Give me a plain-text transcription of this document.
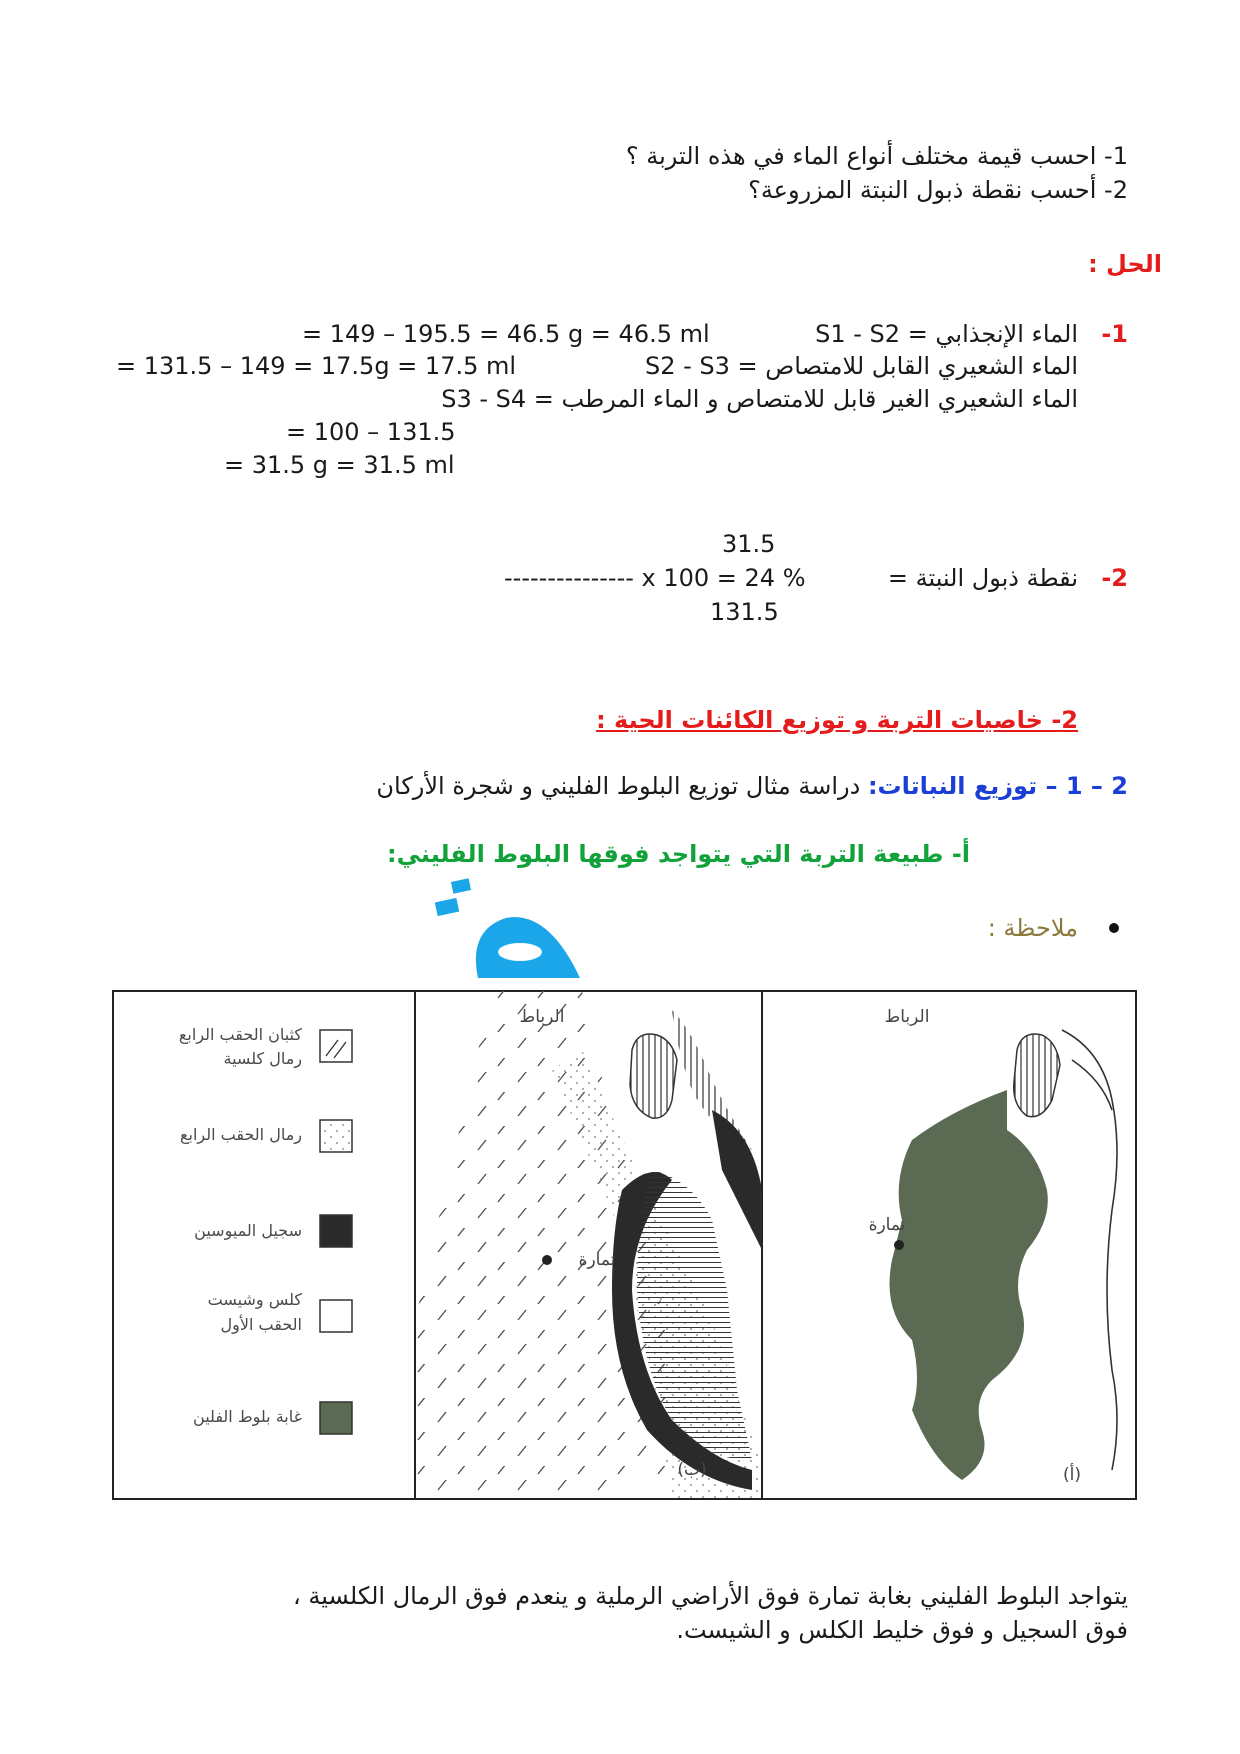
1- احسب قيمة مختلف أنواع الماء في هذه التربة ؟
2- أحسب نقطة ذبول النبتة المزروعة؟
الحل :
1-
الماء الإنجذابي = S1 - S2
= 149 – 195.5 = 46.5 g = 46.5 ml
الماء الشعيري القابل للامتصاص = S2 - S3
= 131.5 – 149 = 17.5g = 17.5 ml
الماء الشعيري الغير قابل للامتصاص و الماء المرطب = S3 - S4
= 100 – 131.5
= 31.5 g = 31.5 ml
31.5
2-
نقطة ذبول النبتة =
--------------- x 100 = 24 %
131.5
2- خاصيات التربة و توزيع الكائنات الحية :
2 – 1 – توزيع النباتات: دراسة مثال توزيع البلوط الفليني و شجرة الأركان
أ- طبيعة التربة التي يتواجد فوقها البلوط الفليني:
ملاحظة :
كثبان الحقب الرابع
رمال كلسية
رمال الحقب الرابع
سجيل الميوسين
كلس وشيست
الحقب الأول
غابة بلوط الفلين
تمارة
الرباط
(ب)
تمارة
الرباط
(أ)
يتواجد البلوط الفليني بغابة تمارة فوق الأراضي الرملية و ينعدم فوق الرمال الكلسية ،
فوق السجيل و فوق خليط الكلس و الشيست.
